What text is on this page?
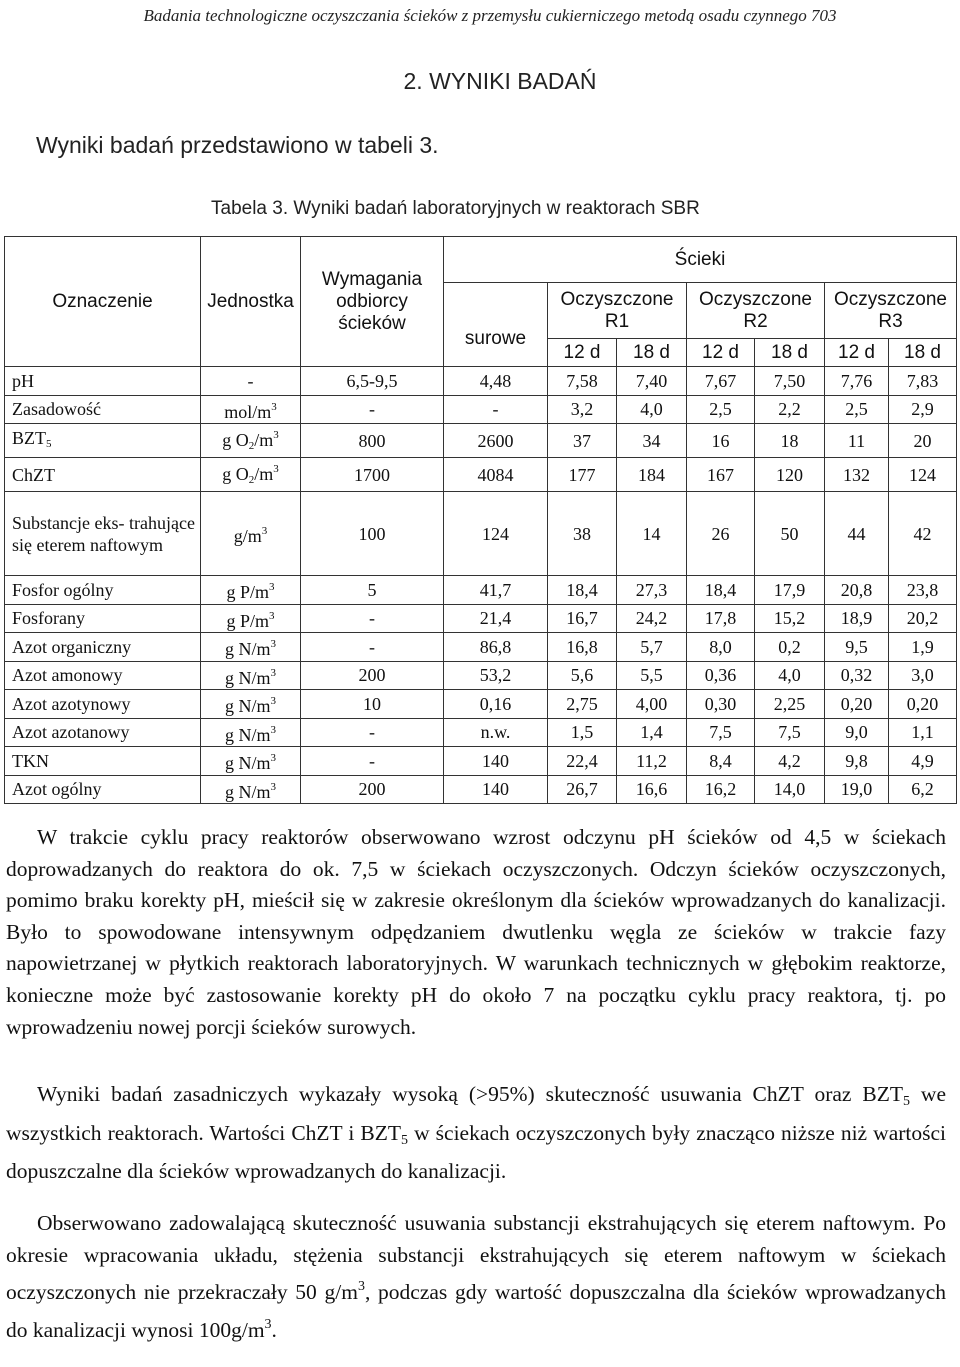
Badania technologiczne oczyszczania ścieków z przemysłu cukierniczego metodą osadu czynnego 703
2. WYNIKI BADAŃ
Wyniki badań przedstawiono w tabeli 3.
Tabela 3. Wyniki badań laboratoryjnych w reaktorach SBR
Oznaczenie	Jednostka	Wymagania odbiorcy ścieków	Ścieki						
			surowe	Oczyszczone R1		Oczyszczone R2		Oczyszczone R3	
				12 d	18 d	12 d	18 d	12 d	18 d
pH	-	6,5-9,5	4,48	7,58	7,40	7,67	7,50	7,76	7,83
Zasadowość	mol/$m^3$	-	-	3,2	4,0	2,5	2,2	2,5	2,9
BZT5	g $O2/m^3$	800	2600	37	34	16	18	11	20
ChZT	g $O2/m^3$	1700	4084	177	184	167	120	132	124
Substancje eks- trahujące się eterem naftowym	$g/m^3$	100	124	38	14	26	50	44	42
Fosfor ogólny	g $P/m^3$	5	41,7	18,4	27,3	18,4	17,9	20,8	23,8
Fosforany	g $P/m^3$	-	21,4	16,7	24,2	17,8	15,2	18,9	20,2
Azot organiczny	g $N/m^3$	-	86,8	16,8	5,7	8,0	0,2	9,5	1,9
Azot amonowy	g $N/m^3$	200	53,2	5,6	5,5	0,36	4,0	0,32	3,0
Azot azotynowy	g $N/m^3$	10	0,16	2,75	4,00	0,30	2,25	0,20	0,20
Azot azotanowy	g $N/m^3$	-	n.w.	1,5	1,4	7,5	7,5	9,0	1,1
TKN	g $N/m^3$	-	140	22,4	11,2	8,4	4,2	9,8	4,9
Azot ogólny	g $N/m^3$	200	140	26,7	16,6	16,2	14,0	19,0	6,2

W trakcie cyklu pracy reaktorów obserwowano wzrost odczynu pH ścieków od 4,5 w ściekach doprowadzanych do reaktora do ok. 7,5 w ściekach oczyszczonych. Odczyn ścieków oczyszczonych, pomimo braku korekty pH, mieścił się w zakresie określonym dla ścieków wprowadzanych do kanalizacji. Było to spowodowane intensywnym odpędzaniem dwutlenku węgla ze ścieków w trakcie fazy napowietrzanej w płytkich reaktorach laboratoryjnych. W warunkach technicznych w głębokim reaktorze, konieczne może być zastosowanie korekty pH do około 7 na początku cyklu pracy reaktora, tj. po wprowadzeniu nowej porcji ścieków surowych.

Wyniki badań zasadniczych wykazały wysoką (>95%) skuteczność usuwania ChZT oraz $BZT_5$ we wszystkich reaktorach. Wartości ChZT i $BZT_5$ w ściekach oczyszczonych były znacząco niższe niż wartości dopuszczalne dla ścieków wprowadzanych do kanalizacji.

Obserwowano zadowalającą skuteczność usuwania substancji ekstrahujących się eterem naftowym. Po okresie wpracowania układu, stężenia substancji ekstrahujących się eterem naftowym w ściekach oczyszczonych nie przekraczały 50 $g/m^3$, podczas gdy wartość dopuszczalna dla ścieków wprowadzanych do kanalizacji wynosi $100g/m^3$.
